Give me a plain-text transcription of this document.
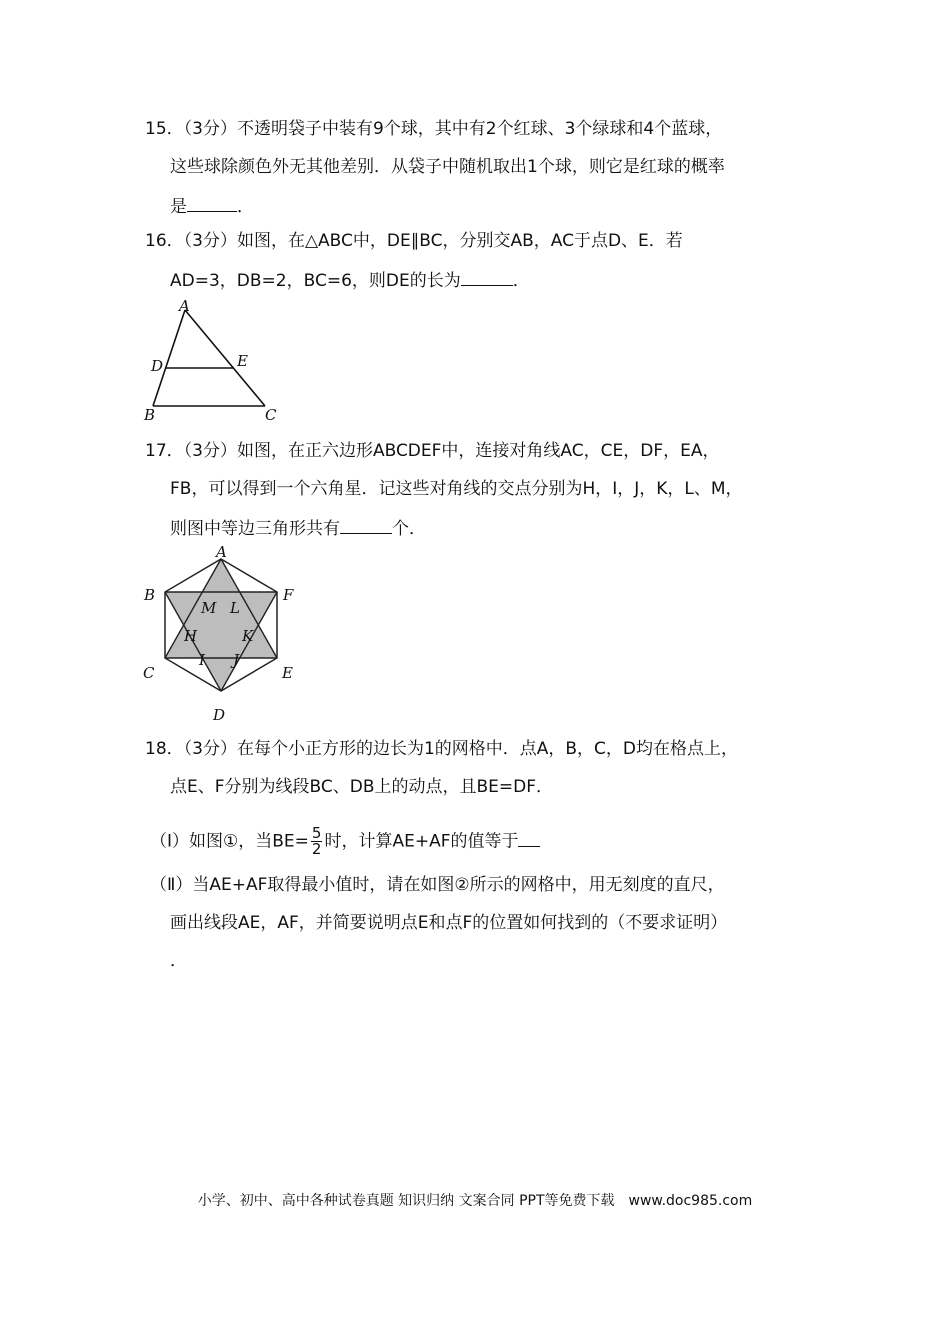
15．（3分）不透明袋子中装有9个球，其中有2个红球、3个绿球和4个蓝球，
这些球除颜色外无其他差别．从袋子中随机取出1个球，则它是红球的概率
是	．
16．（3分）如图，在△ABC中，DE∥BC，分别交AB，AC于点D、E．若
AD=3，DB=2，BC=6，则DE的长为	．
A
D	E
B	C
17．（3分）如图，在正六边形ABCDEF中，连接对角线AC，CE，DF，EA，
FB，可以得到一个六角星．记这些对角线的交点分别为H，I，J，K，L、M，
则图中等边三角形共有	个．
A
B	F
M L
H	K
I J
C	E
D
18．（3分）在每个小正方形的边长为1的网格中．点A，B，C，D均在格点上，
点E、F分别为线段BC、DB上的动点，且BE=DF．
（Ⅰ）如图①，当$BE= \frac{5}{2}$ 时，计算AE+AF的值等于
（Ⅱ）当AE+AF取得最小值时，请在如图②所示的网格中，用无刻度的直尺，
画出线段AE，AF，并简要说明点E和点F的位置如何找到的（不要求证明）
．
小学、初中、高中各种试卷真题 知识归纳 文案合同 PPT等免费下载　www.doc985.com
